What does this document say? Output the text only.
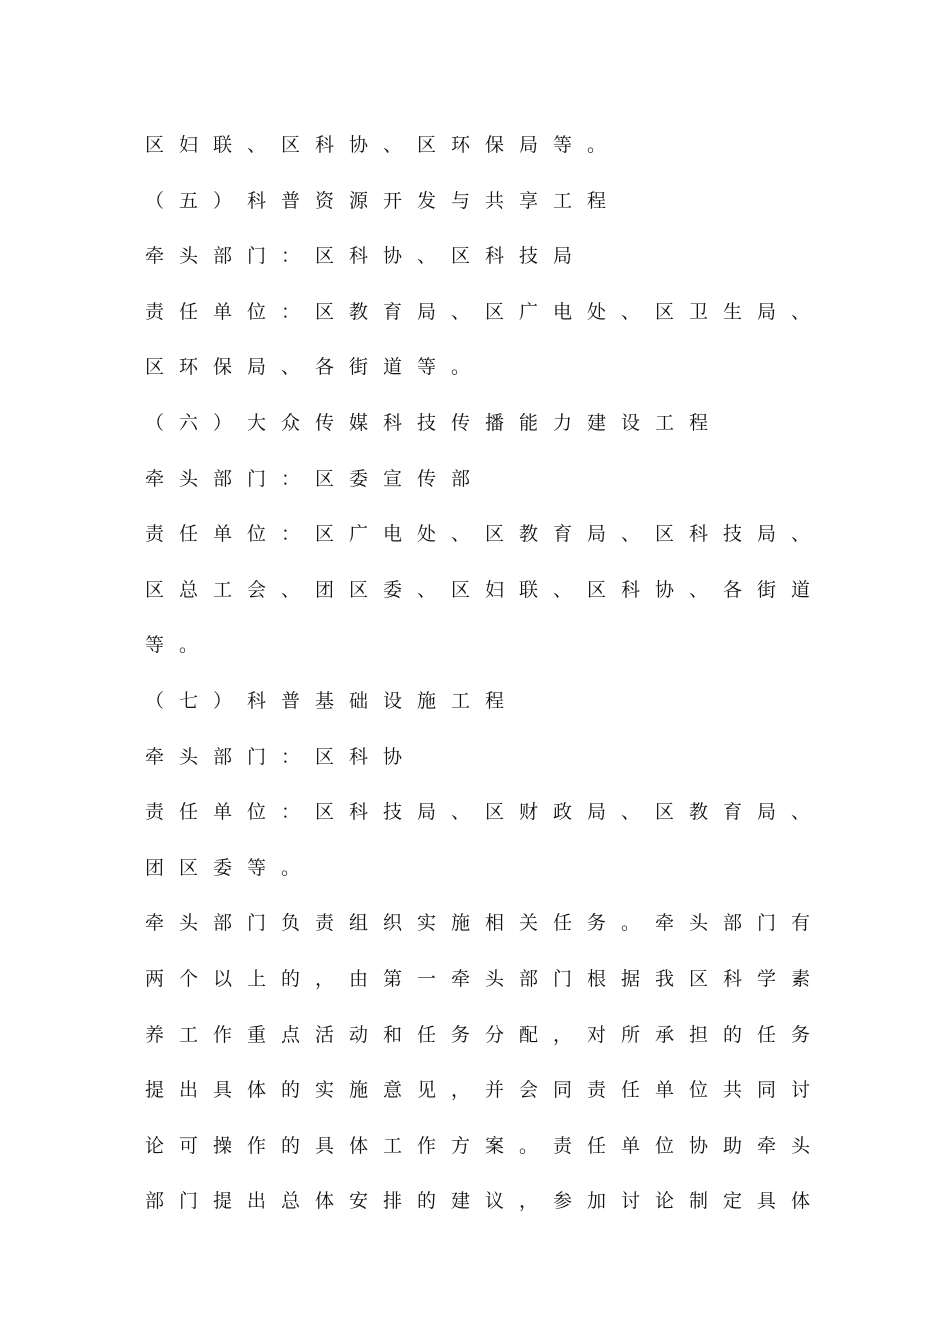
区 妇 联 、 区 科 协 、 区 环 保 局 等 。
（ 五 ） 科 普 资 源 开 发 与 共 享 工 程
牵 头 部 门 ： 区 科 协 、 区 科 技 局
责 任 单 位 ： 区 教 育 局 、 区 广 电 处 、 区 卫 生 局 、
区 环 保 局 、 各 街 道 等 。
（ 六 ） 大 众 传 媒 科 技 传 播 能 力 建 设 工 程
牵 头 部 门 ： 区 委 宣 传 部
责 任 单 位 ： 区 广 电 处 、 区 教 育 局 、 区 科 技 局 、
区 总 工 会 、 团 区 委 、 区 妇 联 、 区 科 协 、 各 街 道
等 。
（ 七 ） 科 普 基 础 设 施 工 程
牵 头 部 门 ： 区 科 协
责 任 单 位 ： 区 科 技 局 、 区 财 政 局 、 区 教 育 局 、
团 区 委 等 。
牵 头 部 门 负 责 组 织 实 施 相 关 任 务 。 牵 头 部 门 有
两 个 以 上 的 ， 由 第 一 牵 头 部 门 根 据 我 区 科 学 素
养 工 作 重 点 活 动 和 任 务 分 配 ， 对 所 承 担 的 任 务
提 出 具 体 的 实 施 意 见 ， 并 会 同 责 任 单 位 共 同 讨
论 可 操 作 的 具 体 工 作 方 案 。 责 任 单 位 协 助 牵 头
部 门 提 出 总 体 安 排 的 建 议 ， 参 加 讨 论 制 定 具 体
